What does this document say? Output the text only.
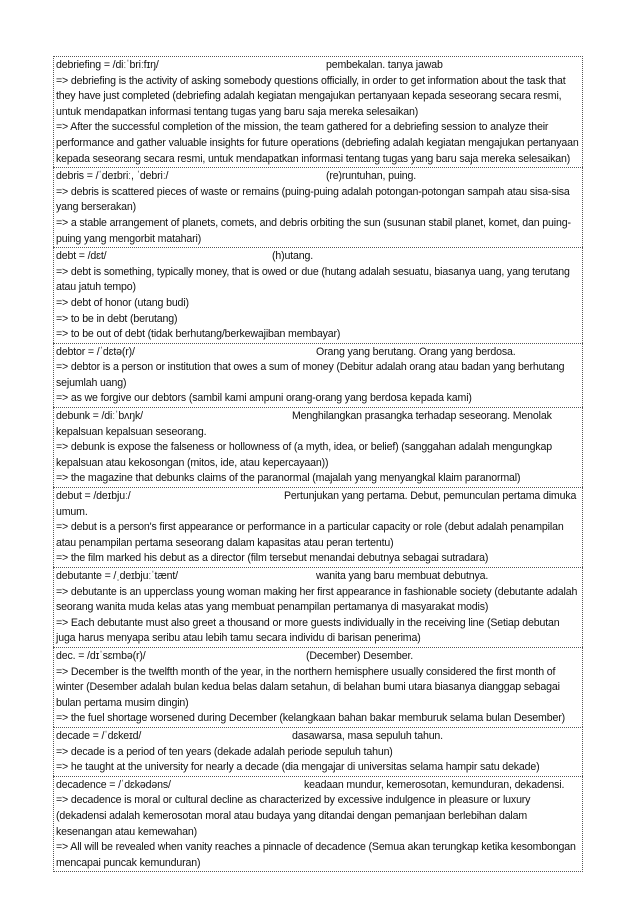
debriefing = /diːˈbriːfɪŋ/	pembekalan. tanya jawab
=> debriefing is the activity of asking somebody questions officially, in order to get information about the task that they have just completed (debriefing adalah kegiatan mengajukan pertanyaan kepada seseorang secara resmi, untuk mendapatkan informasi tentang tugas yang baru saja mereka selesaikan)
=> After the successful completion of the mission, the team gathered for a debriefing session to analyze their performance and gather valuable insights for future operations (debriefing adalah kegiatan mengajukan pertanyaan kepada seseorang secara resmi, untuk mendapatkan informasi tentang tugas yang baru saja mereka selesaikan)
debris = /ˈdeɪbriː, ˈdebriː/	(re)runtuhan, puing.
=> debris is scattered pieces of waste or remains (puing-puing adalah potongan-potongan sampah atau sisa-sisa yang berserakan)
=> a stable arrangement of planets, comets, and debris orbiting the sun (susunan stabil planet, komet, dan puing-puing yang mengorbit matahari)
debt = /dɛt/	(h)utang.
=> debt is something, typically money, that is owed or due (hutang adalah sesuatu, biasanya uang, yang terutang atau jatuh tempo)
=> debt of honor (utang budi)
=> to be in debt (berutang)
=> to be out of debt (tidak berhutang/berkewajiban membayar)
debtor = /ˈdɛtə(r)/	Orang yang berutang. Orang yang berdosa.
=> debtor is a person or institution that owes a sum of money (Debitur adalah orang atau badan yang berhutang sejumlah uang)
=> as we forgive our debtors (sambil kami ampuni orang-orang yang berdosa kepada kami)
debunk = /diːˈbʌŋk/	Menghilangkan prasangka terhadap seseorang. Menolak kepalsuan kepalsuan seseorang.
=> debunk is expose the falseness or hollowness of (a myth, idea, or belief) (sanggahan adalah mengungkap kepalsuan atau kekosongan (mitos, ide, atau kepercayaan))
=> the magazine that debunks claims of the paranormal (majalah yang menyangkal klaim paranormal)
debut = /deɪbjuː/	Pertunjukan yang pertama. Debut, pemunculan pertama dimuka umum.
=> debut is a person's first appearance or performance in a particular capacity or role (debut adalah penampilan atau penampilan pertama seseorang dalam kapasitas atau peran tertentu)
=> the film marked his debut as a director (film tersebut menandai debutnya sebagai sutradara)
debutante = /ˌdeɪbjuːˈtænt/	wanita yang baru membuat debutnya.
=> debutante is an upperclass young woman making her first appearance in fashionable society (debutante adalah seorang wanita muda kelas atas yang membuat penampilan pertamanya di masyarakat modis)
=> Each debutante must also greet a thousand or more guests individually in the receiving line (Setiap debutan juga harus menyapa seribu atau lebih tamu secara individu di barisan penerima)
dec. = /dɪˈsɛmbə(r)/	(December) Desember.
=> December is the twelfth month of the year, in the northern hemisphere usually considered the first month of winter (Desember adalah bulan kedua belas dalam setahun, di belahan bumi utara biasanya dianggap sebagai bulan pertama musim dingin)
=> the fuel shortage worsened during December (kelangkaan bahan bakar memburuk selama bulan Desember)
decade = /ˈdɛkeɪd/	dasawarsa, masa sepuluh tahun.
=> decade is a period of ten years (dekade adalah periode sepuluh tahun)
=> he taught at the university for nearly a decade (dia mengajar di universitas selama hampir satu dekade)
decadence = /ˈdɛkədəns/	keadaan mundur, kemerosotan, kemunduran, dekadensi.
=> decadence is moral or cultural decline as characterized by excessive indulgence in pleasure or luxury (dekadensi adalah kemerosotan moral atau budaya yang ditandai dengan pemanjaan berlebihan dalam kesenangan atau kemewahan)
=> All will be revealed when vanity reaches a pinnacle of decadence (Semua akan terungkap ketika kesombongan mencapai puncak kemunduran)
